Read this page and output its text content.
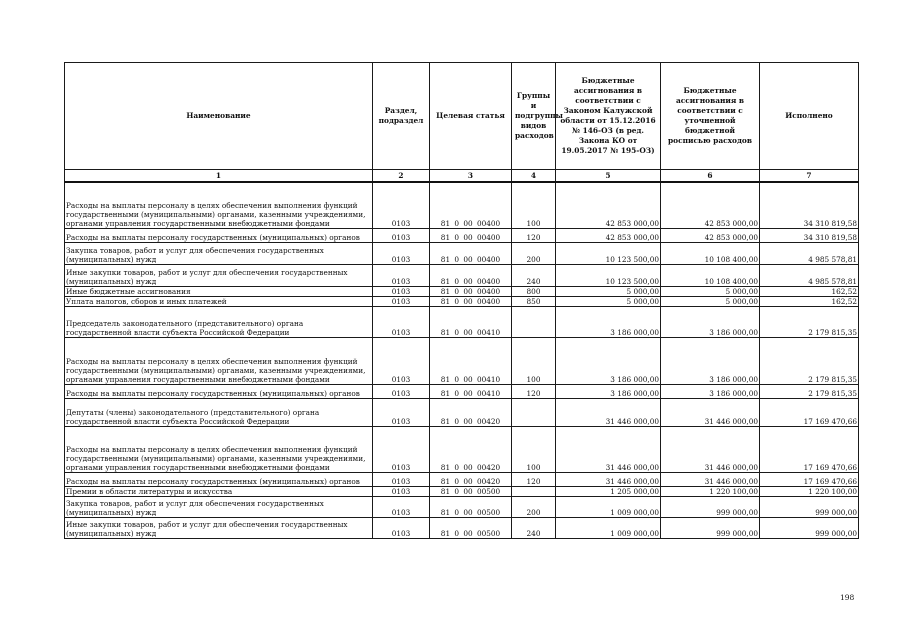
Наименование	Раздел, подраздел	Целевая статья	Группы и подгруппы видов расходов	Бюджетные ассигнования в соответствии с Законом Калужской области от 15.12.2016 № 146-ОЗ (в ред. Закона КО от 19.05.2017 № 195-ОЗ)	Бюджетные ассигнования в соответствии с уточненной бюджетной росписью расходов	Исполнено
1	2	3	4	5	6	7
Расходы на выплаты персоналу в целях обеспечения выполнения функций государственными (муниципальными) органами, казенными учреждениями, органами управления государственными внебюджетными фондами	0103	81 0 00 00400	100	42 853 000,00	42 853 000,00	34 310 819,58
Расходы на выплаты персоналу государственных (муниципальных) органов	0103	81 0 00 00400	120	42 853 000,00	42 853 000,00	34 310 819,58
Закупка товаров, работ и услуг для обеспечения государственных (муниципальных) нужд	0103	81 0 00 00400	200	10 123 500,00	10 108 400,00	4 985 578,81
Иные закупки товаров, работ и услуг для обеспечения государственных (муниципальных) нужд	0103	81 0 00 00400	240	10 123 500,00	10 108 400,00	4 985 578,81
Иные бюджетные ассигнования	0103	81 0 00 00400	800	5 000,00	5 000,00	162,52
Уплата налогов, сборов и иных платежей	0103	81 0 00 00400	850	5 000,00	5 000,00	162,52
Председатель законодательного (представительного) органа государственной власти субъекта Российской Федерации	0103	81 0 00 00410		3 186 000,00	3 186 000,00	2 179 815,35
Расходы на выплаты персоналу в целях обеспечения выполнения функций государственными (муниципальными) органами, казенными учреждениями, органами управления государственными внебюджетными фондами	0103	81 0 00 00410	100	3 186 000,00	3 186 000,00	2 179 815,35
Расходы на выплаты персоналу государственных (муниципальных) органов	0103	81 0 00 00410	120	3 186 000,00	3 186 000,00	2 179 815,35
Депутаты (члены) законодательного (представительного) органа государственной власти субъекта Российской Федерации	0103	81 0 00 00420		31 446 000,00	31 446 000,00	17 169 470,66
Расходы на выплаты персоналу в целях обеспечения выполнения функций государственными (муниципальными) органами, казенными учреждениями, органами управления государственными внебюджетными фондами	0103	81 0 00 00420	100	31 446 000,00	31 446 000,00	17 169 470,66
Расходы на выплаты персоналу государственных (муниципальных) органов	0103	81 0 00 00420	120	31 446 000,00	31 446 000,00	17 169 470,66
Премии в области литературы и искусства	0103	81 0 00 00500		1 205 000,00	1 220 100,00	1 220 100,00
Закупка товаров, работ и услуг для обеспечения государственных (муниципальных) нужд	0103	81 0 00 00500	200	1 009 000,00	999 000,00	999 000,00
Иные закупки товаров, работ и услуг для обеспечения государственных (муниципальных) нужд	0103	81 0 00 00500	240	1 009 000,00	999 000,00	999 000,00
198
